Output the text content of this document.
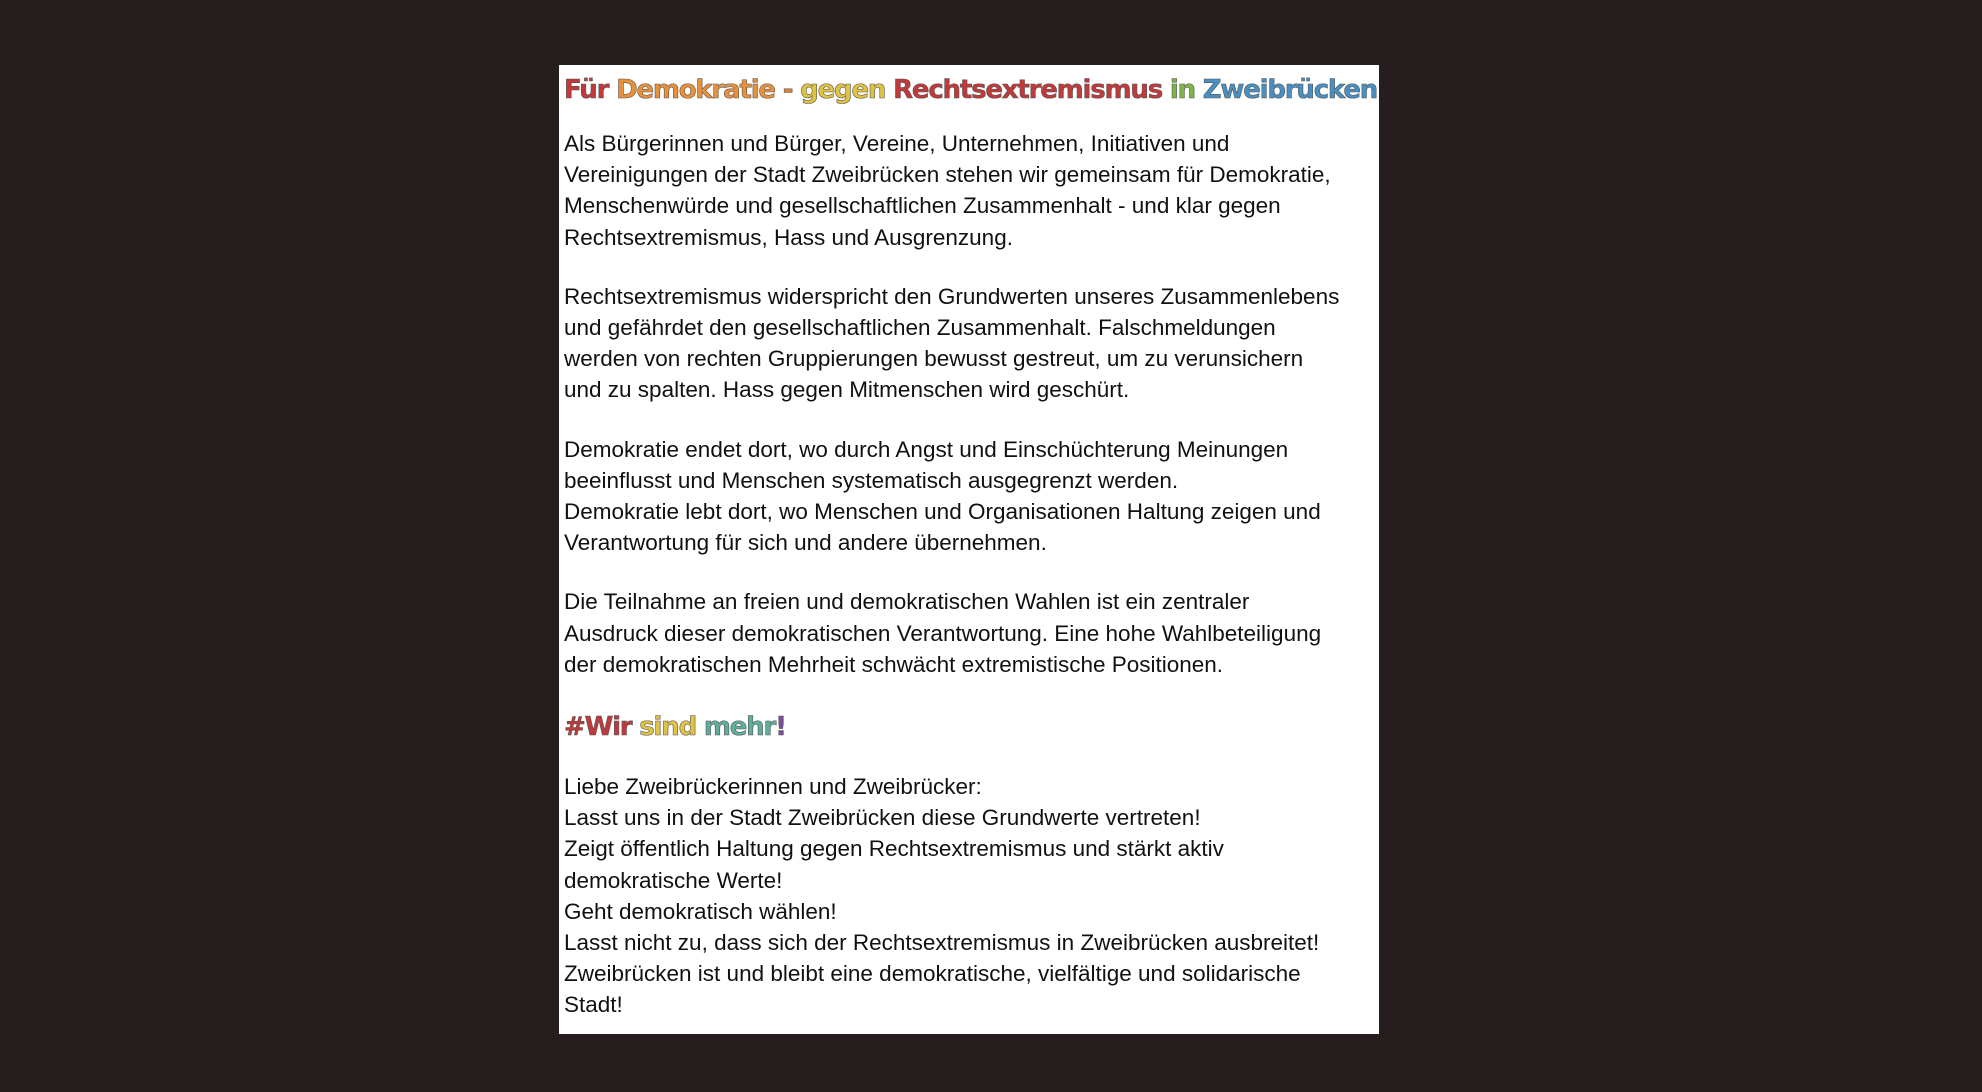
Für Demokratie - gegen Rechtsextremismus in Zweibrücken

Als Bürgerinnen und Bürger, Vereine, Unternehmen, Initiativen und
Vereinigungen der Stadt Zweibrücken stehen wir gemeinsam für Demokratie,
Menschenwürde und gesellschaftlichen Zusammenhalt - und klar gegen
Rechtsextremismus, Hass und Ausgrenzung.

Rechtsextremismus widerspricht den Grundwerten unseres Zusammenlebens
und gefährdet den gesellschaftlichen Zusammenhalt. Falschmeldungen
werden von rechten Gruppierungen bewusst gestreut, um zu verunsichern
und zu spalten. Hass gegen Mitmenschen wird geschürt.

Demokratie endet dort, wo durch Angst und Einschüchterung Meinungen
beeinflusst und Menschen systematisch ausgegrenzt werden.
Demokratie lebt dort, wo Menschen und Organisationen Haltung zeigen und
Verantwortung für sich und andere übernehmen.

Die Teilnahme an freien und demokratischen Wahlen ist ein zentraler
Ausdruck dieser demokratischen Verantwortung. Eine hohe Wahlbeteiligung
der demokratischen Mehrheit schwächt extremistische Positionen.

#Wir sind mehr!

Liebe Zweibrückerinnen und Zweibrücker:
Lasst uns in der Stadt Zweibrücken diese Grundwerte vertreten!
Zeigt öffentlich Haltung gegen Rechtsextremismus und stärkt aktiv
demokratische Werte!
Geht demokratisch wählen!
Lasst nicht zu, dass sich der Rechtsextremismus in Zweibrücken ausbreitet!
Zweibrücken ist und bleibt eine demokratische, vielfältige und solidarische
Stadt!
